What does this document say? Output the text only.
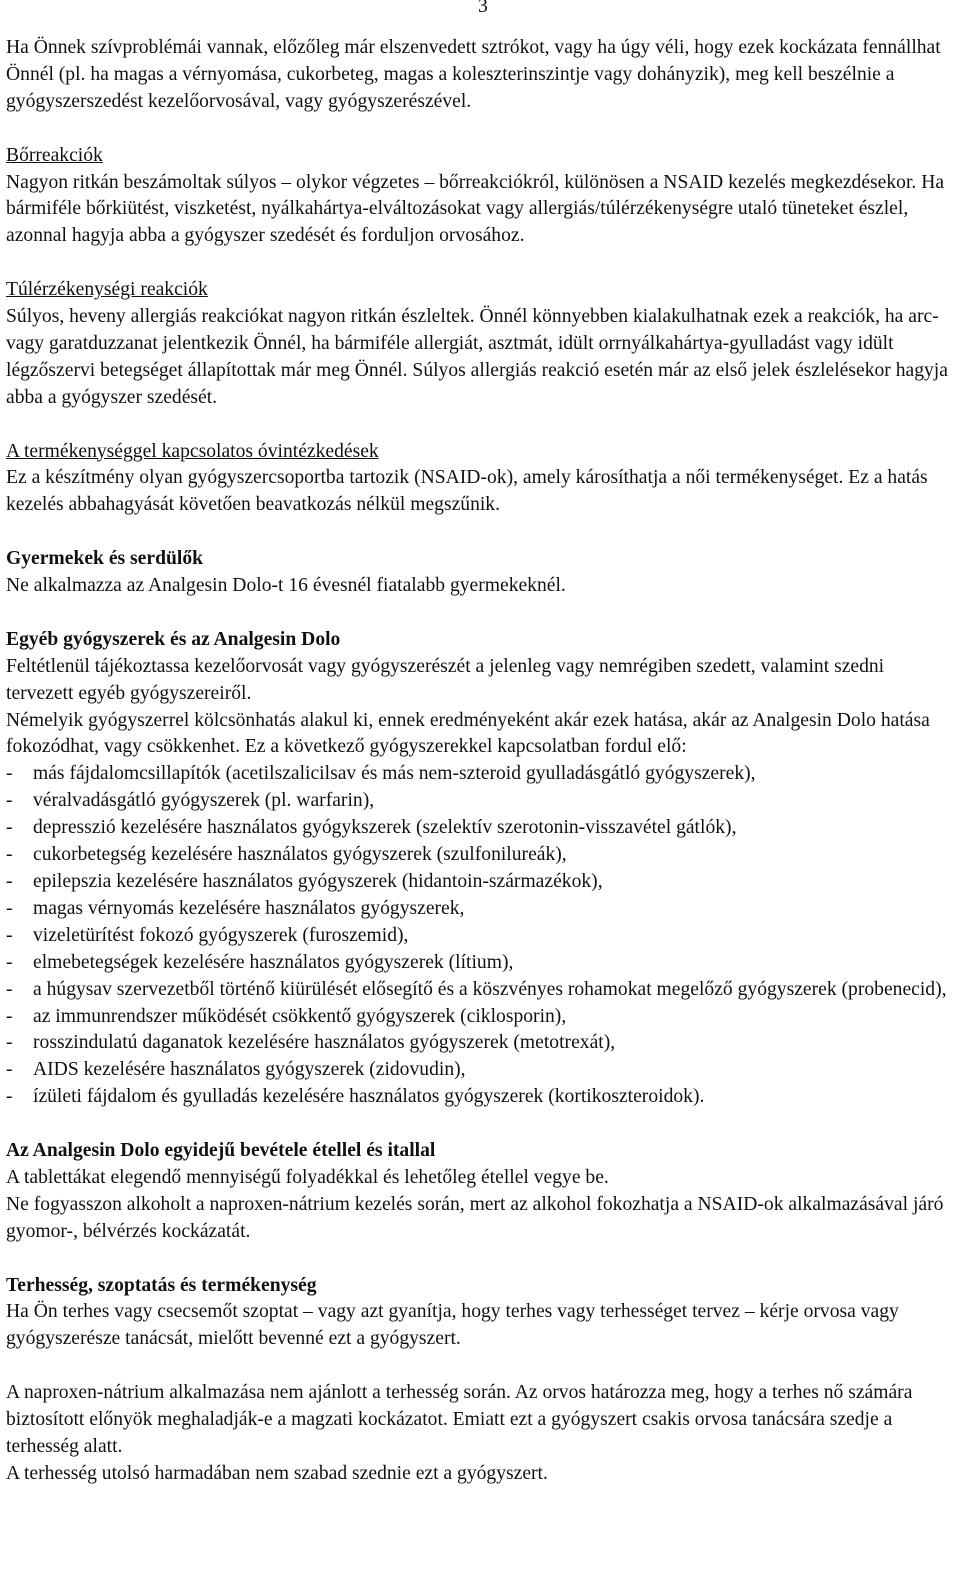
3

Ha Önnek szívproblémái vannak, előzőleg már elszenvedett sztrókot, vagy ha úgy véli, hogy ezek kockázata fennállhat Önnél (pl. ha magas a vérnyomása, cukorbeteg, magas a koleszterinszintje vagy dohányzik), meg kell beszélnie a gyógyszerszedést kezelőorvosával, vagy gyógyszerészével.

Bőrreakciók

Nagyon ritkán beszámoltak súlyos – olykor végzetes – bőrreakciókról, különösen a NSAID kezelés megkezdésekor. Ha bármiféle bőrkiütést, viszketést, nyálkahártya-elváltozásokat vagy allergiás/túlérzékenységre utaló tüneteket észlel, azonnal hagyja abba a gyógyszer szedését és forduljon orvosához.

Túlérzékenységi reakciók

Súlyos, heveny allergiás reakciókat nagyon ritkán észleltek. Önnél könnyebben kialakulhatnak ezek a reakciók, ha arc- vagy garatduzzanat jelentkezik Önnél, ha bármiféle allergiát, asztmát, idült orrnyálkahártya-gyulladást vagy idült légzőszervi betegséget állapítottak már meg Önnél. Súlyos allergiás reakció esetén már az első jelek észlelésekor hagyja abba a gyógyszer szedését.

A termékenységgel kapcsolatos óvintézkedések

Ez a készítmény olyan gyógyszercsoportba tartozik (NSAID-ok), amely károsíthatja a női termékenységet. Ez a hatás kezelés abbahagyását követően beavatkozás nélkül megszűnik.

Gyermekek és serdülők

Ne alkalmazza az Analgesin Dolo-t 16 évesnél fiatalabb gyermekeknél.

Egyéb gyógyszerek és az Analgesin Dolo

Feltétlenül tájékoztassa kezelőorvosát vagy gyógyszerészét a jelenleg vagy nemrégiben szedett, valamint szedni tervezett egyéb gyógyszereiről.

Némelyik gyógyszerrel kölcsönhatás alakul ki, ennek eredményeként akár ezek hatása, akár az Analgesin Dolo hatása fokozódhat, vagy csökkenhet. Ez a következő gyógyszerekkel kapcsolatban fordul elő:

-	más fájdalomcsillapítók (acetilszalicilsav és más nem-szteroid gyulladásgátló gyógyszerek),
-	véralvadásgátló gyógyszerek (pl. warfarin),
-	depresszió kezelésére használatos gyógykszerek (szelektív szerotonin-visszavétel gátlók),
-	cukorbetegség kezelésére használatos gyógyszerek (szulfonilureák),
-	epilepszia kezelésére használatos gyógyszerek (hidantoin-származékok),
-	magas vérnyomás kezelésére használatos gyógyszerek,
-	vizeletürítést fokozó gyógyszerek (furoszemid),
-	elmebetegségek kezelésére használatos gyógyszerek (lítium),
-	a húgysav szervezetből történő kiürülését elősegítő és a köszvényes rohamokat megelőző gyógyszerek (probenecid),
-	az immunrendszer működését csökkentő gyógyszerek (ciklosporin),
-	rosszindulatú daganatok kezelésére használatos gyógyszerek (metotrexát),
-	AIDS kezelésére használatos gyógyszerek (zidovudin),
-	ízületi fájdalom és gyulladás kezelésére használatos gyógyszerek (kortikoszteroidok).

Az Analgesin Dolo egyidejű bevétele étellel és itallal

A tablettákat elegendő mennyiségű folyadékkal és lehetőleg étellel vegye be.

Ne fogyasszon alkoholt a naproxen-nátrium kezelés során, mert az alkohol fokozhatja a NSAID-ok alkalmazásával járó gyomor-, bélvérzés kockázatát.

Terhesség, szoptatás és termékenység

Ha Ön terhes vagy csecsemőt szoptat – vagy azt gyanítja, hogy terhes vagy terhességet tervez – kérje orvosa vagy gyógyszerésze tanácsát, mielőtt bevenné ezt a gyógyszert.

A naproxen-nátrium alkalmazása nem ajánlott a terhesség során. Az orvos határozza meg, hogy a terhes nő számára biztosított előnyök meghaladják-e a magzati kockázatot. Emiatt ezt a gyógyszert csakis orvosa tanácsára szedje a terhesség alatt.

A terhesség utolsó harmadában nem szabad szednie ezt a gyógyszert.
